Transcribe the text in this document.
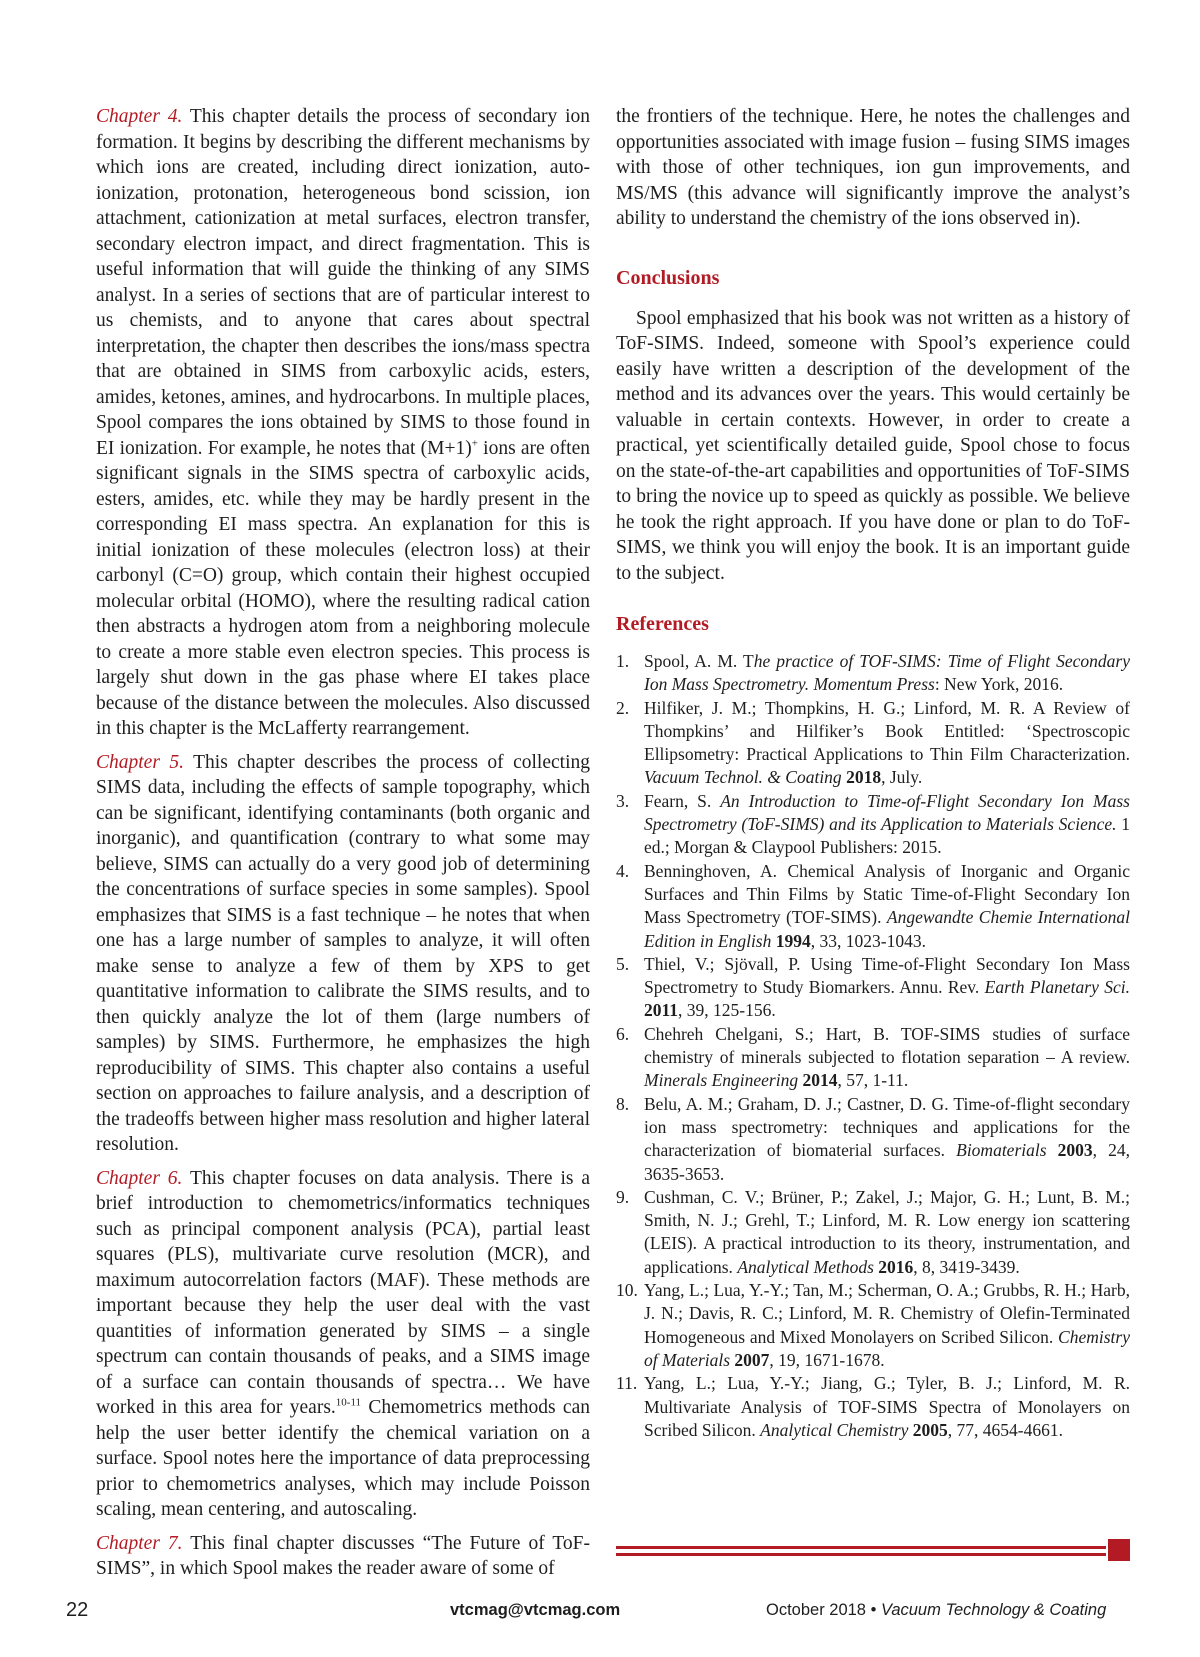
Chapter 4. This chapter details the process of secondary ion formation. It begins by describing the different mechanisms by which ions are created, including direct ionization, auto-ionization, protonation, heterogeneous bond scission, ion attachment, cationization at metal surfaces, electron transfer, secondary electron impact, and direct fragmentation. This is useful information that will guide the thinking of any SIMS analyst. In a series of sections that are of particular interest to us chemists, and to anyone that cares about spectral interpretation, the chapter then describes the ions/mass spectra that are obtained in SIMS from carboxylic acids, esters, amides, ketones, amines, and hydrocarbons. In multiple places, Spool compares the ions obtained by SIMS to those found in EI ionization. For example, he notes that (M+1)+ ions are often significant signals in the SIMS spectra of carboxylic acids, esters, amides, etc. while they may be hardly present in the corresponding EI mass spectra. An explanation for this is initial ionization of these molecules (electron loss) at their carbonyl (C=O) group, which contain their highest occupied molecular orbital (HOMO), where the resulting radical cation then abstracts a hydrogen atom from a neighboring molecule to create a more stable even electron species. This process is largely shut down in the gas phase where EI takes place because of the distance between the molecules. Also discussed in this chapter is the McLafferty rearrangement.

Chapter 5. This chapter describes the process of collecting SIMS data, including the effects of sample topography, which can be significant, identifying contaminants (both organic and inorganic), and quantification (contrary to what some may believe, SIMS can actually do a very good job of determining the concentrations of surface species in some samples). Spool emphasizes that SIMS is a fast technique – he notes that when one has a large number of samples to analyze, it will often make sense to analyze a few of them by XPS to get quantitative information to calibrate the SIMS results, and to then quickly analyze the lot of them (large numbers of samples) by SIMS. Furthermore, he emphasizes the high reproducibility of SIMS. This chapter also contains a useful section on approaches to failure analysis, and a description of the tradeoffs between higher mass resolution and higher lateral resolution.

Chapter 6. This chapter focuses on data analysis. There is a brief introduction to chemometrics/informatics techniques such as principal component analysis (PCA), partial least squares (PLS), multivariate curve resolution (MCR), and maximum autocorrelation factors (MAF). These methods are important because they help the user deal with the vast quantities of information generated by SIMS – a single spectrum can contain thousands of peaks, and a SIMS image of a surface can contain thousands of spectra… We have worked in this area for years.$^{10-11}$ Chemometrics methods can help the user better identify the chemical variation on a surface. Spool notes here the importance of data preprocessing prior to chemometrics analyses, which may include Poisson scaling, mean centering, and autoscaling.

Chapter 7. This final chapter discusses “The Future of ToF-SIMS”, in which Spool makes the reader aware of some of

the frontiers of the technique. Here, he notes the challenges and opportunities associated with image fusion – fusing SIMS images with those of other techniques, ion gun improvements, and MS/MS (this advance will significantly improve the analyst’s ability to understand the chemistry of the ions observed in).

Conclusions

Spool emphasized that his book was not written as a history of ToF-SIMS. Indeed, someone with Spool’s experience could easily have written a description of the development of the method and its advances over the years. This would certainly be valuable in certain contexts. However, in order to create a practical, yet scientifically detailed guide, Spool chose to focus on the state-of-the-art capabilities and opportunities of ToF-SIMS to bring the novice up to speed as quickly as possible. We believe he took the right approach. If you have done or plan to do ToF-SIMS, we think you will enjoy the book. It is an important guide to the subject.

References
1. Spool, A. M. The practice of TOF-SIMS: Time of Flight Secondary Ion Mass Spectrometry. Momentum Press: New York, 2016.
2. Hilfiker, J. M.; Thompkins, H. G.; Linford, M. R. A Review of Thompkins’ and Hilfiker’s Book Entitled: ‘Spectroscopic Ellipsometry: Practical Applications to Thin Film Characterization. Vacuum Technol. & Coating 2018, July.
3. Fearn, S. An Introduction to Time-of-Flight Secondary Ion Mass Spectrometry (ToF-SIMS) and its Application to Materials Science. 1 ed.; Morgan & Claypool Publishers: 2015.
4. Benninghoven, A. Chemical Analysis of Inorganic and Organic Surfaces and Thin Films by Static Time-of-Flight Secondary Ion Mass Spectrometry (TOF-SIMS). Angewandte Chemie International Edition in English 1994, 33, 1023-1043.
5. Thiel, V.; Sjövall, P. Using Time-of-Flight Secondary Ion Mass Spectrometry to Study Biomarkers. Annu. Rev. Earth Planetary Sci. 2011, 39, 125-156.
6. Chehreh Chelgani, S.; Hart, B. TOF-SIMS studies of surface chemistry of minerals subjected to flotation separation – A review. Minerals Engineering 2014, 57, 1-11.
8. Belu, A. M.; Graham, D. J.; Castner, D. G. Time-of-flight secondary ion mass spectrometry: techniques and applications for the characterization of biomaterial surfaces. Biomaterials 2003, 24, 3635-3653.
9. Cushman, C. V.; Brüner, P.; Zakel, J.; Major, G. H.; Lunt, B. M.; Smith, N. J.; Grehl, T.; Linford, M. R. Low energy ion scattering (LEIS). A practical introduction to its theory, instrumentation, and applications. Analytical Methods 2016, 8, 3419-3439.
10. Yang, L.; Lua, Y.-Y.; Tan, M.; Scherman, O. A.; Grubbs, R. H.; Harb, J. N.; Davis, R. C.; Linford, M. R. Chemistry of Olefin-Terminated Homogeneous and Mixed Monolayers on Scribed Silicon. Chemistry of Materials 2007, 19, 1671-1678.
11. Yang, L.; Lua, Y.-Y.; Jiang, G.; Tyler, B. J.; Linford, M. R. Multivariate Analysis of TOF-SIMS Spectra of Monolayers on Scribed Silicon. Analytical Chemistry 2005, 77, 4654-4661.
22	vtcmag@vtcmag.com	October 2018 • Vacuum Technology & Coating
